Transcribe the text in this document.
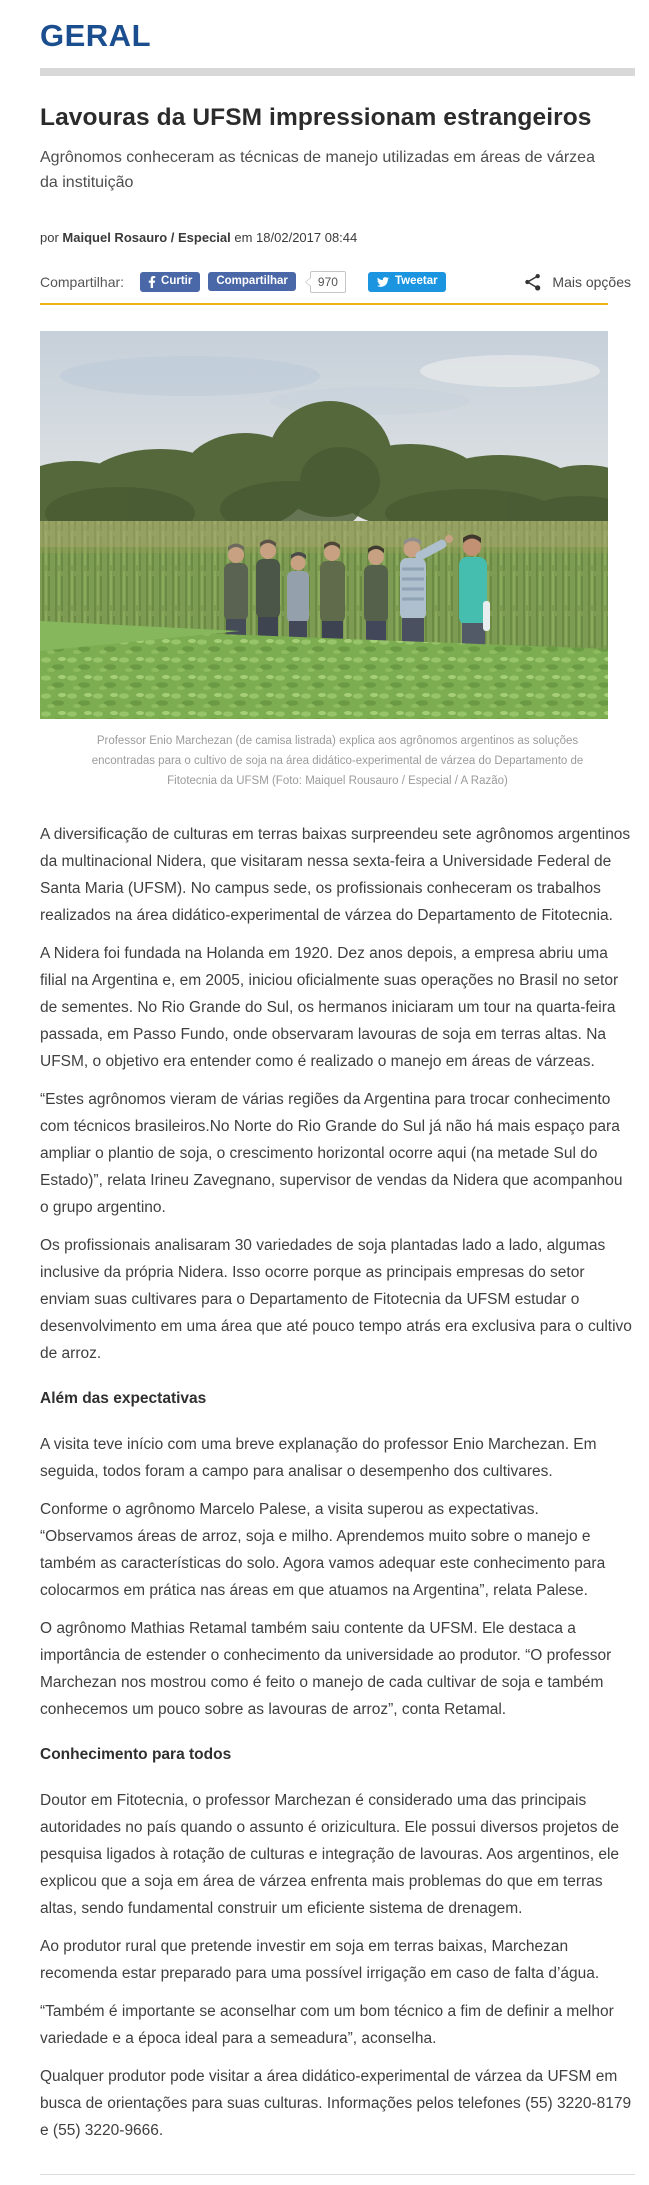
GERAL
Lavouras da UFSM impressionam estrangeiros

Agrônomos conheceram as técnicas de manejo utilizadas em áreas de várzea da instituição

por Maiquel Rosauro / Especial em 18/02/2017 08:44

Compartilhar:	Curtir Compartilhar	970	Tweetar	Mais opções
Professor Enio Marchezan (de camisa listrada) explica aos agrônomos argentinos as soluções encontradas para o cultivo de soja na área didático-experimental de várzea do Departamento de Fitotecnia da UFSM (Foto: Maiquel Rousauro / Especial / A Razão)

A diversificação de culturas em terras baixas surpreendeu sete agrônomos argentinos da multinacional Nidera, que visitaram nessa sexta-feira a Universidade Federal de Santa Maria (UFSM). No campus sede, os profissionais conheceram os trabalhos realizados na área didático-experimental de várzea do Departamento de Fitotecnia.

A Nidera foi fundada na Holanda em 1920. Dez anos depois, a empresa abriu uma filial na Argentina e, em 2005, iniciou oficialmente suas operações no Brasil no setor de sementes. No Rio Grande do Sul, os hermanos iniciaram um tour na quarta-feira passada, em Passo Fundo, onde observaram lavouras de soja em terras altas. Na UFSM, o objetivo era entender como é realizado o manejo em áreas de várzeas.

“Estes agrônomos vieram de várias regiões da Argentina para trocar conhecimento com técnicos brasileiros.No Norte do Rio Grande do Sul já não há mais espaço para ampliar o plantio de soja, o crescimento horizontal ocorre aqui (na metade Sul do Estado)”, relata Irineu Zavegnano, supervisor de vendas da Nidera que acompanhou o grupo argentino.

Os profissionais analisaram 30 variedades de soja plantadas lado a lado, algumas inclusive da própria Nidera. Isso ocorre porque as principais empresas do setor enviam suas cultivares para o Departamento de Fitotecnia da UFSM estudar o desenvolvimento em uma área que até pouco tempo atrás era exclusiva para o cultivo de arroz.

Além das expectativas

A visita teve início com uma breve explanação do professor Enio Marchezan. Em seguida, todos foram a campo para analisar o desempenho dos cultivares.

Conforme o agrônomo Marcelo Palese, a visita superou as expectativas. “Observamos áreas de arroz, soja e milho. Aprendemos muito sobre o manejo e também as características do solo. Agora vamos adequar este conhecimento para colocarmos em prática nas áreas em que atuamos na Argentina”, relata Palese.

O agrônomo Mathias Retamal também saiu contente da UFSM. Ele destaca a importância de estender o conhecimento da universidade ao produtor. “O professor Marchezan nos mostrou como é feito o manejo de cada cultivar de soja e também conhecemos um pouco sobre as lavouras de arroz”, conta Retamal.

Conhecimento para todos

Doutor em Fitotecnia, o professor Marchezan é considerado uma das principais autoridades no país quando o assunto é orizicultura. Ele possui diversos projetos de pesquisa ligados à rotação de culturas e integração de lavouras. Aos argentinos, ele explicou que a soja em área de várzea enfrenta mais problemas do que em terras altas, sendo fundamental construir um eficiente sistema de drenagem.

Ao produtor rural que pretende investir em soja em terras baixas, Marchezan recomenda estar preparado para uma possível irrigação em caso de falta d’água.

“Também é importante se aconselhar com um bom técnico a fim de definir a melhor variedade e a época ideal para a semeadura”, aconselha.

Qualquer produtor pode visitar a área didático-experimental de várzea da UFSM em busca de orientações para suas culturas. Informações pelos telefones (55) 3220-8179 e (55) 3220-9666.
